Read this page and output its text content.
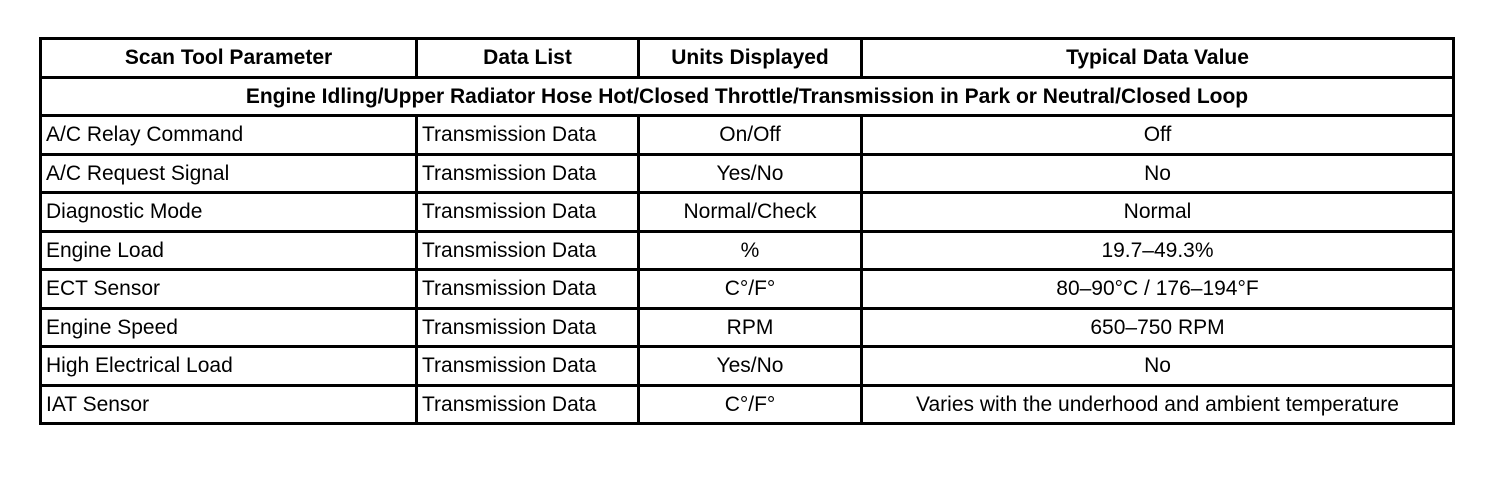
Scan Tool Parameter	Data List	Units Displayed	Typical Data Value
Engine Idling/Upper Radiator Hose Hot/Closed Throttle/Transmission in Park or Neutral/Closed Loop			
A/C Relay Command	Transmission Data	On/Off	Off
A/C Request Signal	Transmission Data	Yes/No	No
Diagnostic Mode	Transmission Data	Normal/Check	Normal
Engine Load	Transmission Data	%	19.7–49.3%
ECT Sensor	Transmission Data	C°/F°	80–90°C / 176–194°F
Engine Speed	Transmission Data	RPM	650–750 RPM
High Electrical Load	Transmission Data	Yes/No	No
IAT Sensor	Transmission Data	C°/F°	Varies with the underhood and ambient temperature
